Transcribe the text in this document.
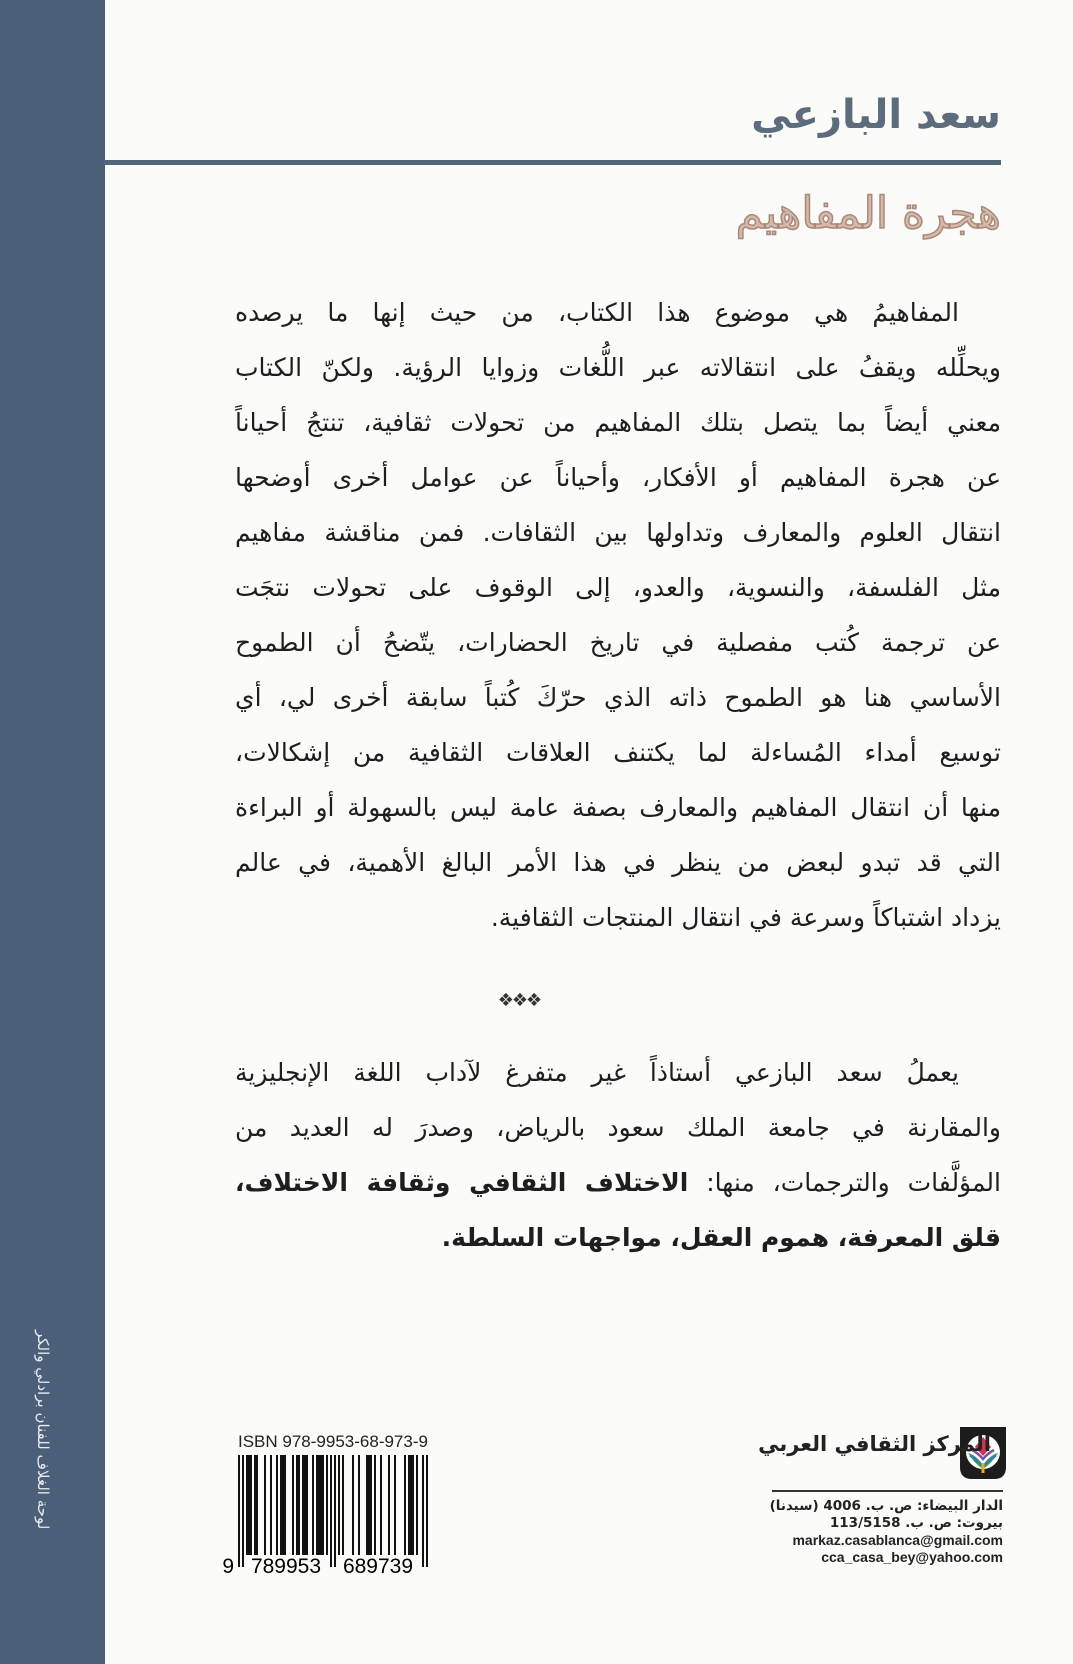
لوحة الغلاف للفنان برادلي والكر
سعد البازعي
هجرة المفاهيم
المفاهيمُ هي موضوع هذا الكتاب، من حيث إنها ما يرصده
ويحلِّله ويقفُ على انتقالاته عبر اللُّغات وزوايا الرؤية. ولكنّ الكتاب
معني أيضاً بما يتصل بتلك المفاهيم من تحولات ثقافية، تنتجُ أحياناً
عن هجرة المفاهيم أو الأفكار، وأحياناً عن عوامل أخرى أوضحها
انتقال العلوم والمعارف وتداولها بين الثقافات. فمن مناقشة مفاهيم
مثل الفلسفة، والنسوية، والعدو، إلى الوقوف على تحولات نتجَت
عن ترجمة كُتب مفصلية في تاريخ الحضارات، يتّضحُ أن الطموح
الأساسي هنا هو الطموح ذاته الذي حرّكَ كُتباً سابقة أخرى لي، أي
توسيع أمداء المُساءلة لما يكتنف العلاقات الثقافية من إشكالات،
منها أن انتقال المفاهيم والمعارف بصفة عامة ليس بالسهولة أو البراءة
التي قد تبدو لبعض من ينظر في هذا الأمر البالغ الأهمية، في عالم
يزداد اشتباكاً وسرعة في انتقال المنتجات الثقافية.
❖❖❖
يعملُ سعد البازعي أستاذاً غير متفرغ لآداب اللغة الإنجليزية
والمقارنة في جامعة الملك سعود بالرياض، وصدرَ له العديد من
المؤلَّفات والترجمات، منها: الاختلاف الثقافي وثقافة الاختلاف،
قلق المعرفة، هموم العقل، مواجهات السلطة.
ISBN 978-9953-68-973-9
9 789953 689739
المركز الثقافي العربي
الدار البيضاء: ص. ب. 4006 (سيدنا)
بيروت: ص. ب. 113/5158
markaz.casablanca@gmail.com
cca_casa_bey@yahoo.com
